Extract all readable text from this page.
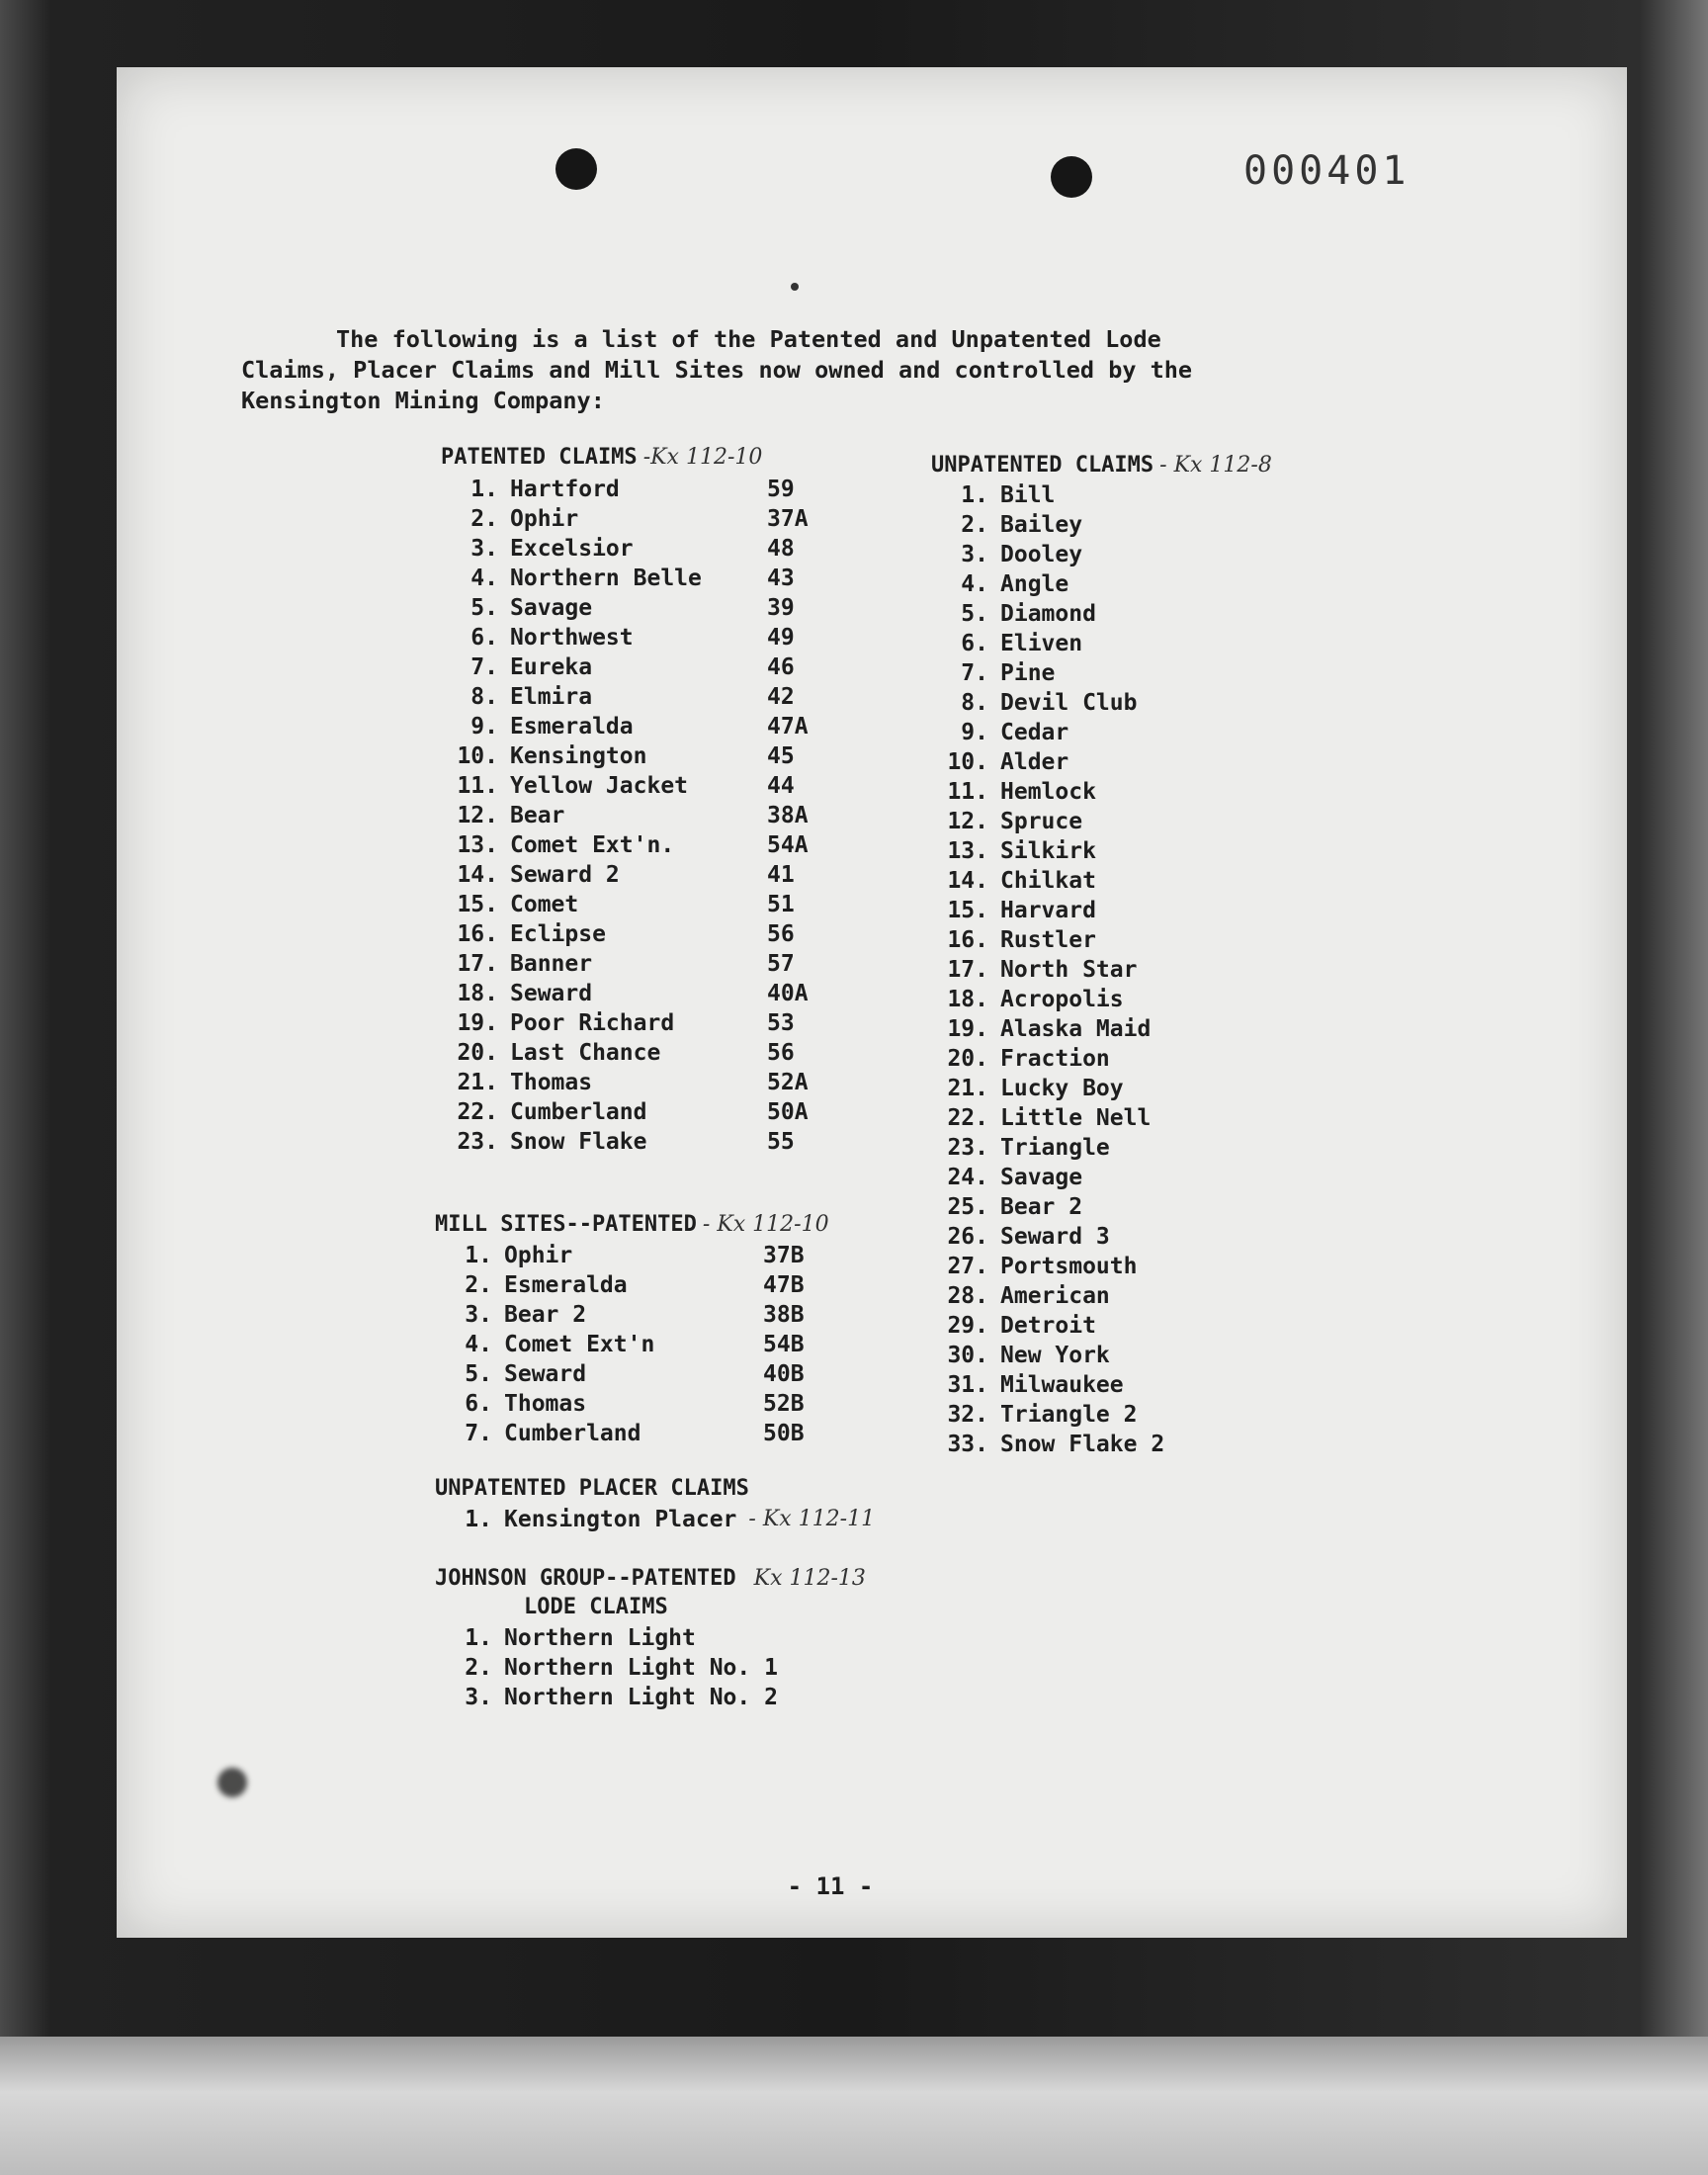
000401
The following is a list of the Patented and Unpatented Lode
Claims, Placer Claims and Mill Sites now owned and controlled by the
Kensington Mining Company:
PATENTED CLAIMS -Kx 112-10
1. Hartford	59
2. Ophir	37A
3. Excelsior	48
4. Northern Belle	43
5. Savage	39
6. Northwest	49
7. Eureka	46
8. Elmira	42
9. Esmeralda	47A
10. Kensington	45
11. Yellow Jacket	44
12. Bear	38A
13. Comet Ext'n.	54A
14. Seward 2	41
15. Comet	51
16. Eclipse	56
17. Banner	57
18. Seward	40A
19. Poor Richard	53
20. Last Chance	56
21. Thomas	52A
22. Cumberland	50A
23. Snow Flake	55
UNPATENTED CLAIMS - Kx 112-8
1. Bill
2. Bailey
3. Dooley
4. Angle
5. Diamond
6. Eliven
7. Pine
8. Devil Club
9. Cedar
10. Alder
11. Hemlock
12. Spruce
13. Silkirk
14. Chilkat
15. Harvard
16. Rustler
17. North Star
18. Acropolis
19. Alaska Maid
20. Fraction
21. Lucky Boy
22. Little Nell
23. Triangle
24. Savage
25. Bear 2
26. Seward 3
27. Portsmouth
28. American
29. Detroit
30. New York
31. Milwaukee
32. Triangle 2
33. Snow Flake 2
MILL SITES--PATENTED - Kx 112-10
1. Ophir	37B
2. Esmeralda	47B
3. Bear 2	38B
4. Comet Ext'n	54B
5. Seward	40B
6. Thomas	52B
7. Cumberland	50B
UNPATENTED PLACER CLAIMS
1. Kensington Placer - Kx 112-11
JOHNSON GROUP--PATENTED Kx 112-13
LODE CLAIMS
1. Northern Light
2. Northern Light No. 1
3. Northern Light No. 2
- 11 -
